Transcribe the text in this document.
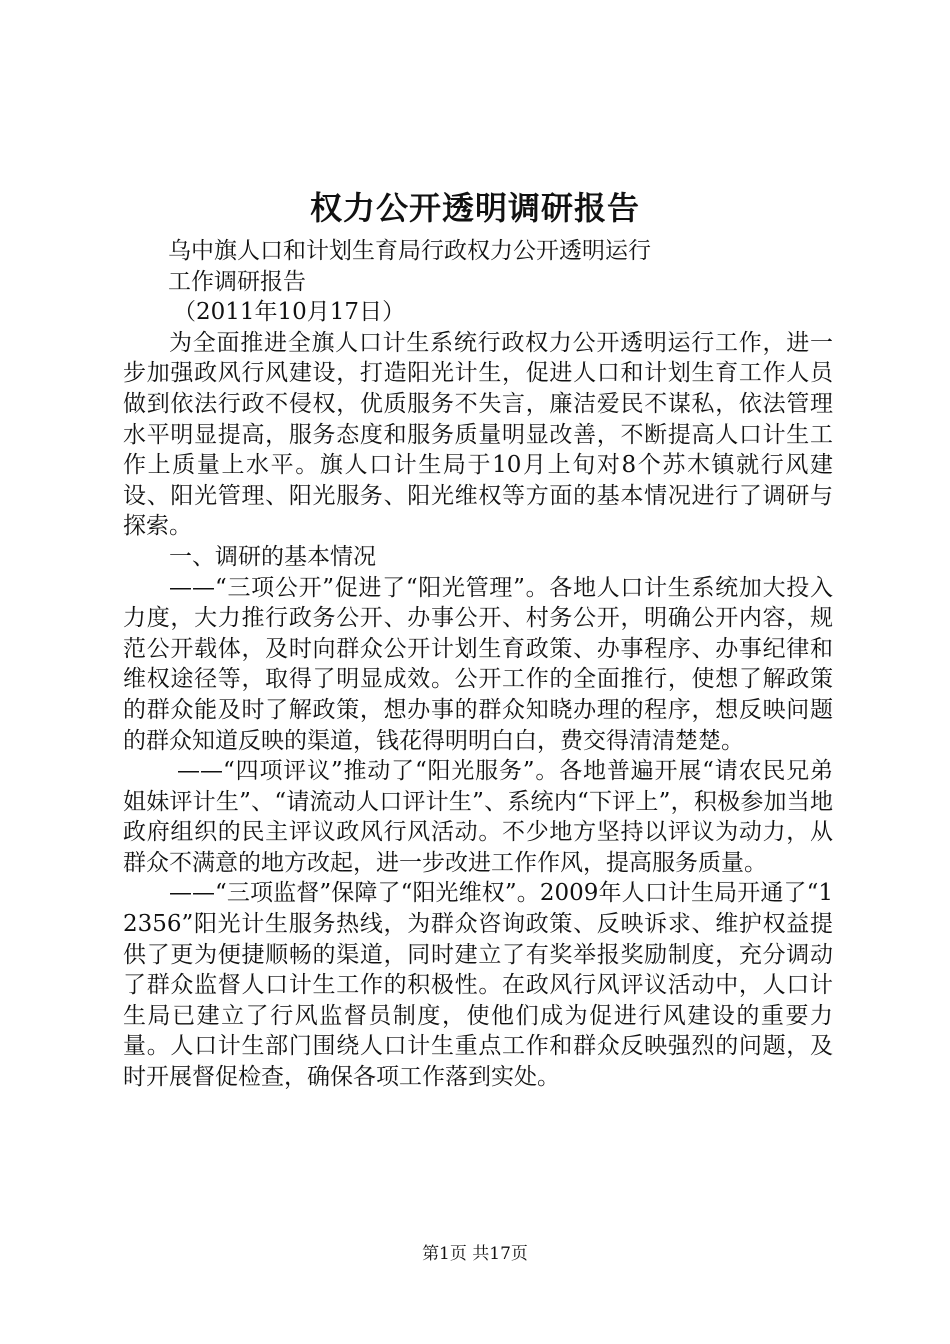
权力公开透明调研报告

乌中旗人口和计划生育局行政权力公开透明运行工作调研报告

（2011年10月17日）

为全面推进全旗人口计生系统行政权力公开透明运行工作，进一步加强政风行风建设，打造阳光计生，促进人口和计划生育工作人员做到依法行政不侵权，优质服务不失言，廉洁爱民不谋私，依法管理水平明显提高，服务态度和服务质量明显改善，不断提高人口计生工作上质量上水平。旗人口计生局于10月上旬对8个苏木镇就行风建设、阳光管理、阳光服务、阳光维权等方面的基本情况进行了调研与探索。

一、调研的基本情况

——“三项公开”促进了“阳光管理”。各地人口计生系统加大投入力度，大力推行政务公开、办事公开、村务公开，明确公开内容，规范公开载体，及时向群众公开计划生育政策、办事程序、办事纪律和维权途径等，取得了明显成效。公开工作的全面推行，使想了解政策的群众能及时了解政策，想办事的群众知晓办理的程序，想反映问题的群众知道反映的渠道，钱花得明明白白，费交得清清楚楚。

——“四项评议”推动了“阳光服务”。各地普遍开展“请农民兄弟姐妹评计生”、“请流动人口评计生”、系统内“下评上”，积极参加当地政府组织的民主评议政风行风活动。不少地方坚持以评议为动力，从群众不满意的地方改起，进一步改进工作作风，提高服务质量。

——“三项监督”保障了“阳光维权”。2009年人口计生局开通了“12356”阳光计生服务热线，为群众咨询政策、反映诉求、维护权益提供了更为便捷顺畅的渠道，同时建立了有奖举报奖励制度，充分调动了群众监督人口计生工作的积极性。在政风行风评议活动中，人口计生局已建立了行风监督员制度，使他们成为促进行风建设的重要力量。人口计生部门围绕人口计生重点工作和群众反映强烈的问题，及时开展督促检查，确保各项工作落到实处。

第1页 共17页
